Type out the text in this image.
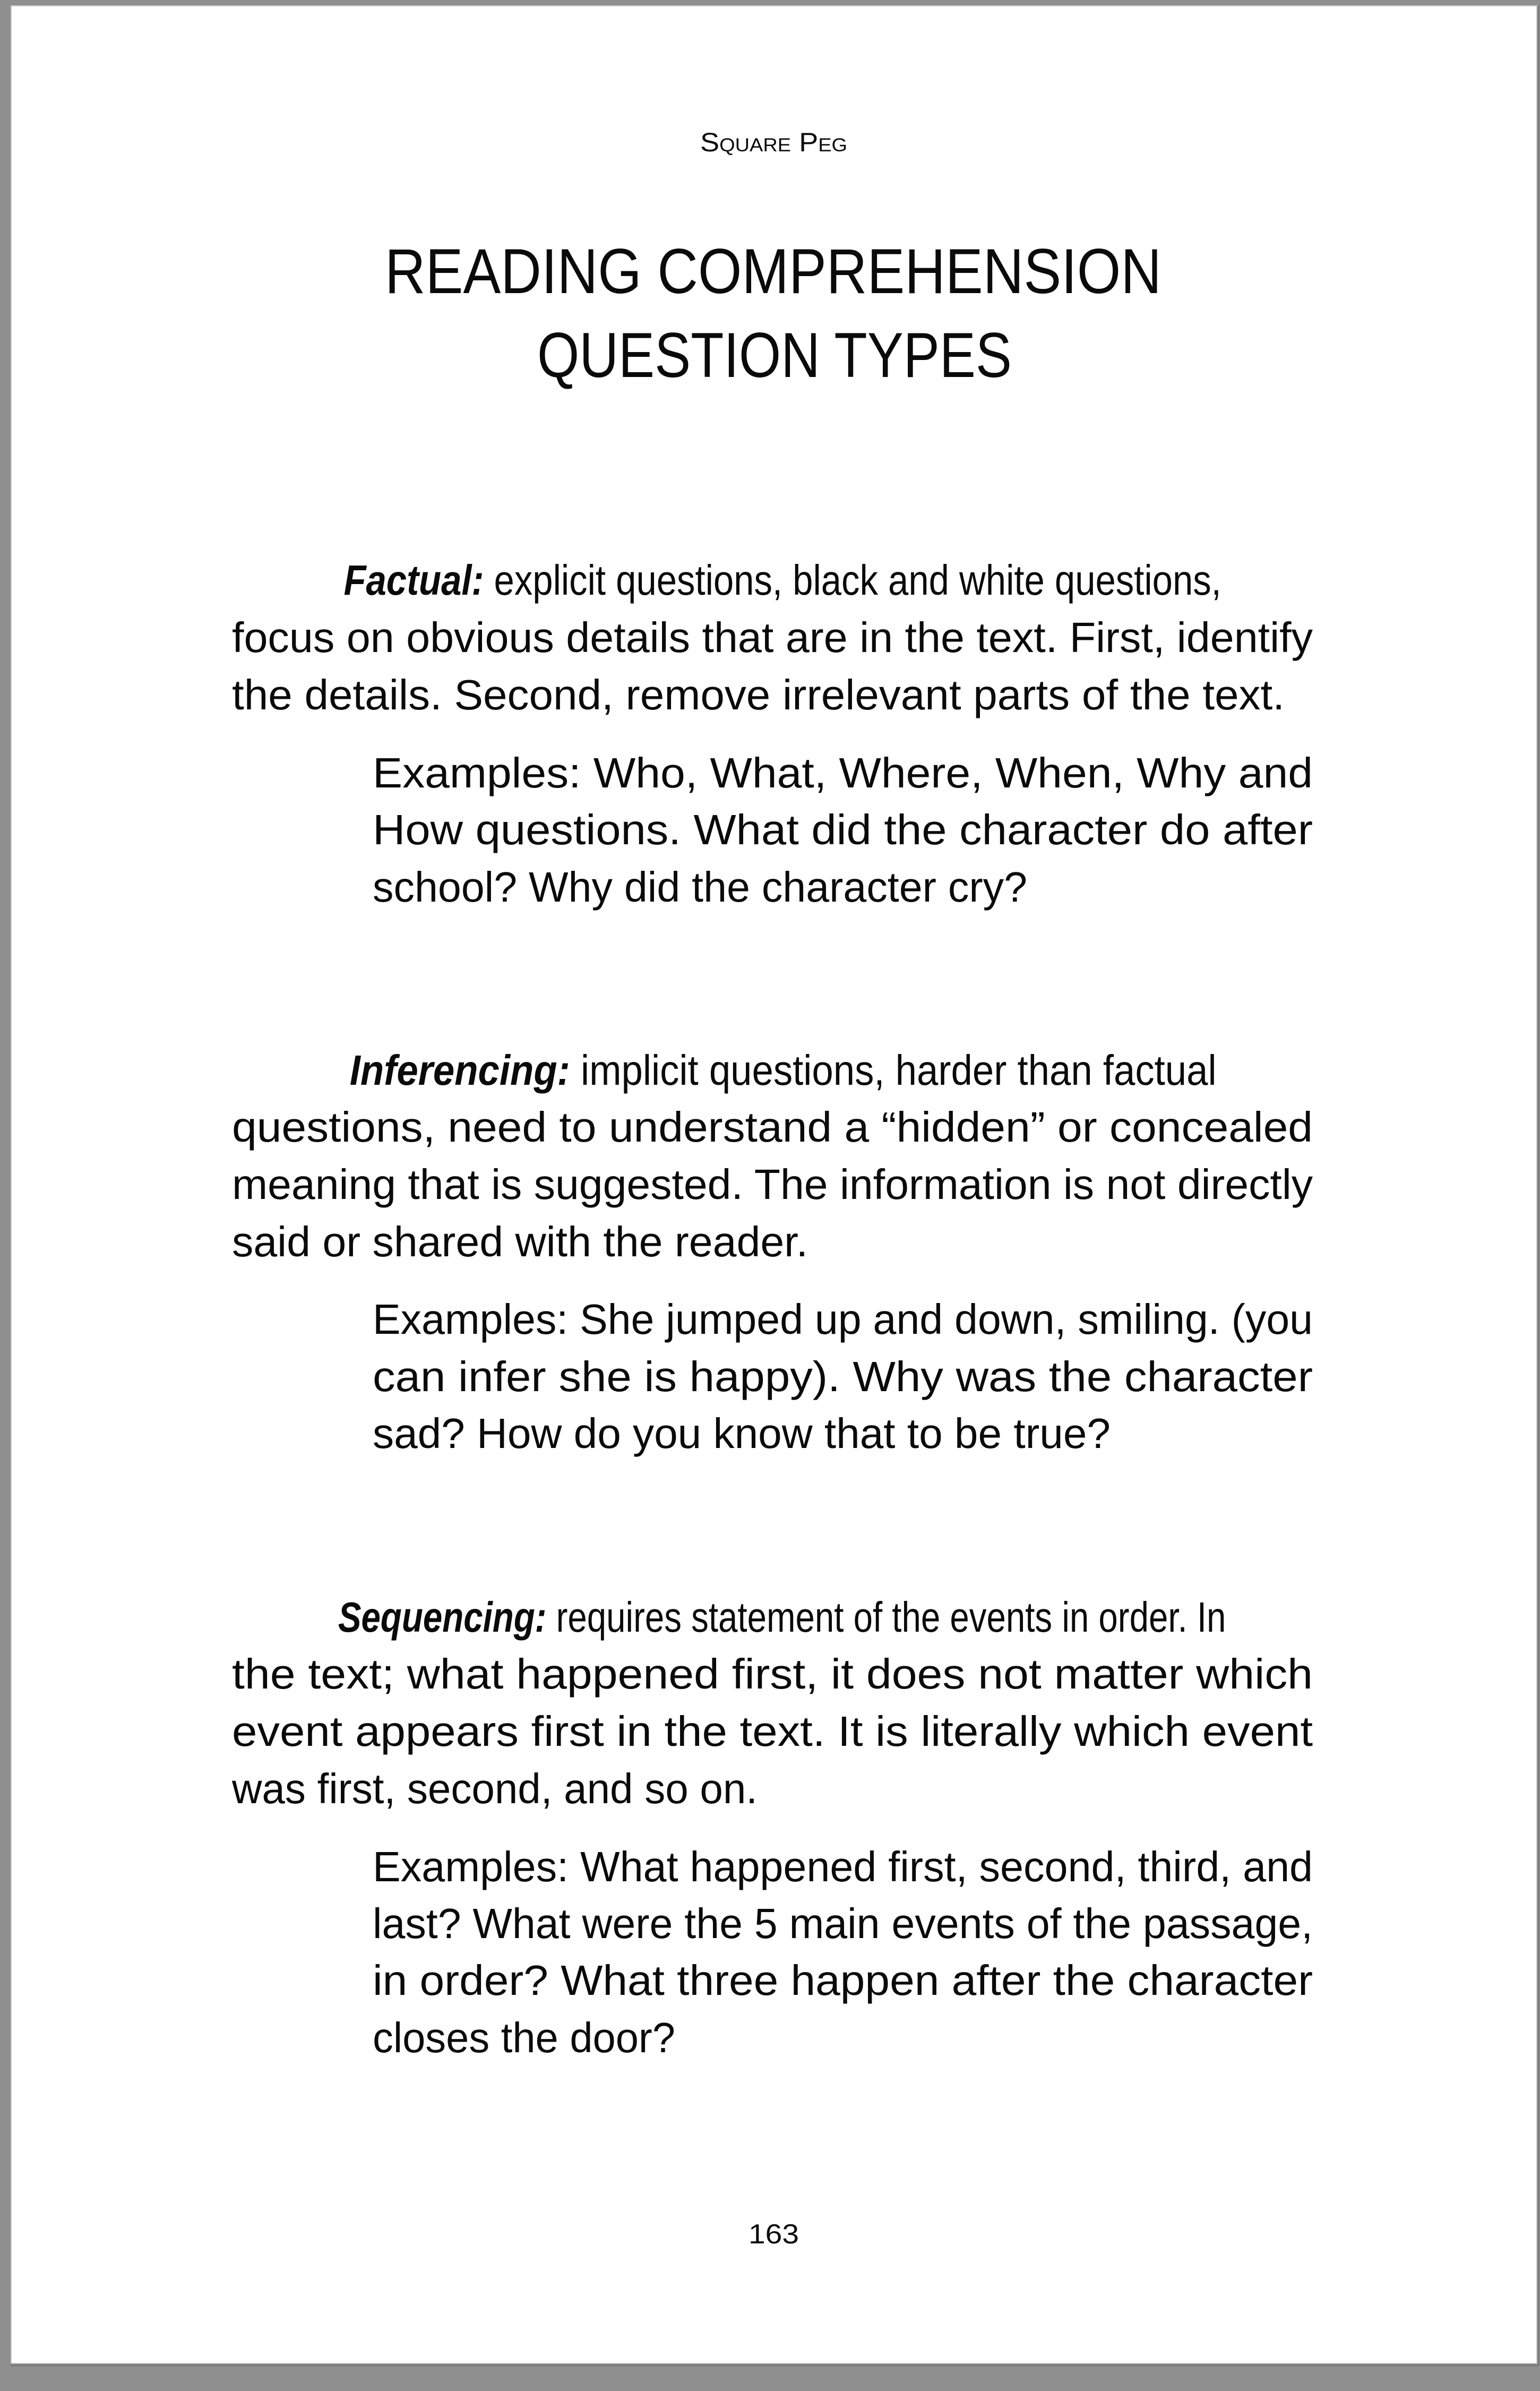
Square Peg
READING COMPREHENSION
QUESTION TYPES
Factual: explicit questions, black and white questions,
focus on obvious details that are in the text. First, identify
the details. Second, remove irrelevant parts of the text.
Examples: Who, What, Where, When, Why and
How questions. What did the character do after
school? Why did the character cry?
Inferencing: implicit questions, harder than factual
questions, need to understand a “hidden” or concealed
meaning that is suggested. The information is not directly
said or shared with the reader.
Examples: She jumped up and down, smiling. (you
can infer she is happy). Why was the character
sad? How do you know that to be true?
Sequencing: requires statement of the events in order. In
the text; what happened first, it does not matter which
event appears first in the text. It is literally which event
was first, second, and so on.
Examples: What happened first, second, third, and
last? What were the 5 main events of the passage,
in order? What three happen after the character
closes the door?
163
